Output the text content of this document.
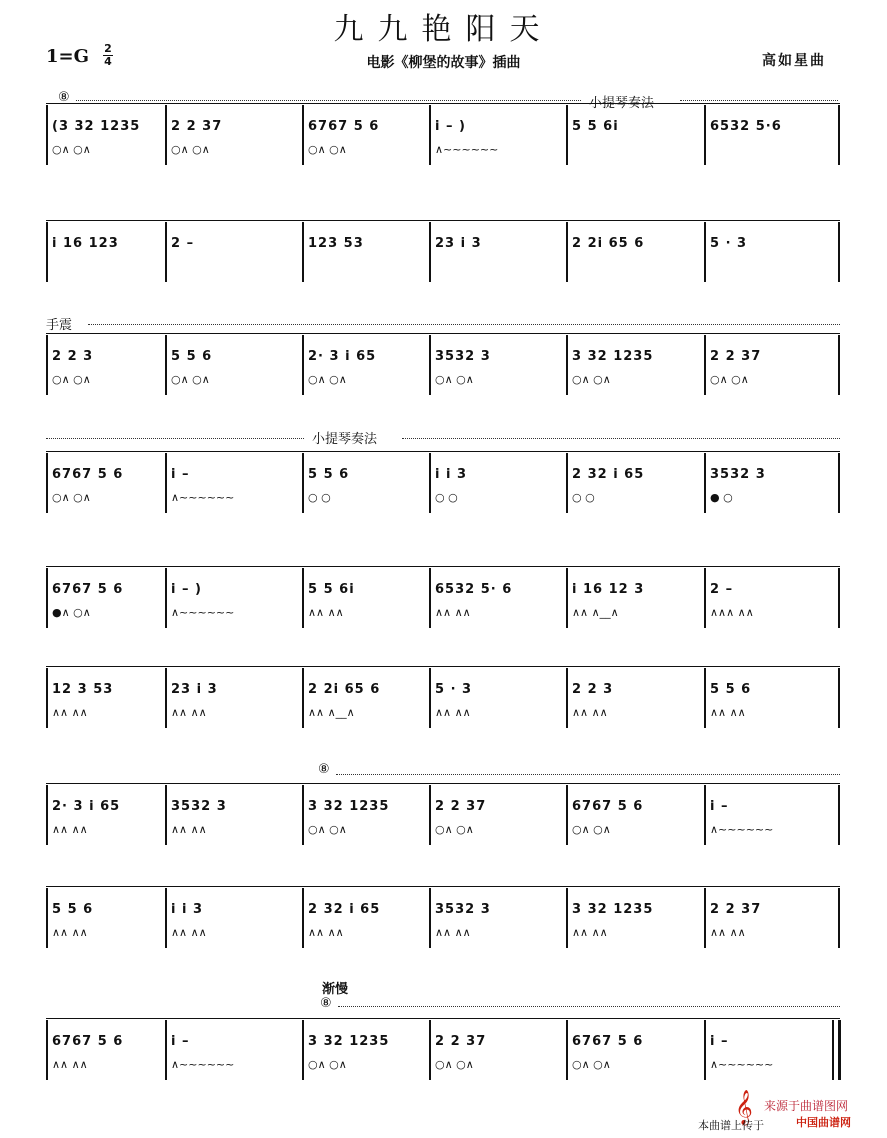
九九艳阳天
1=G 2
4	电影《柳堡的故事》插曲	高如星曲
⑧	小提琴奏法
手震
小提琴奏法
⑧
渐慢
⑧
(3 32 1235
○∧ ○∧
2 2 37
○∧ ○∧
6767 5 6
○∧ ○∧
i – )
∧~~~~~~
5 5 6i	6532 5·6
i 16 123	2 –	123 53	23 i 3	2 2i 65 6	5 · 3
2 2 3
○∧ ○∧
5 5 6
○∧ ○∧
2· 3 i 65
○∧ ○∧
3532 3
○∧ ○∧
3 32 1235
○∧ ○∧
2 2 37
○∧ ○∧
6767 5 6
○∧ ○∧
i –
∧~~~~~~
5 5 6
○ ○
i i 3
○ ○
2 32 i 65
○ ○
3532 3
● ○
6767 5 6
●∧ ○∧
i – )
∧~~~~~~
5 5 6i
∧∧ ∧∧
6532 5· 6
∧∧ ∧∧
i 16 12 3
∧∧ ∧__∧
2 –
∧∧∧ ∧∧
12 3 53
∧∧ ∧∧
23 i 3
∧∧ ∧∧
2 2i 65 6
∧∧ ∧__∧
5 · 3
∧∧ ∧∧
2 2 3
∧∧ ∧∧
5 5 6
∧∧ ∧∧
2· 3 i 65
∧∧ ∧∧
3532 3
∧∧ ∧∧
3 32 1235
○∧ ○∧
2 2 37
○∧ ○∧
6767 5 6
○∧ ○∧
i –
∧~~~~~~
5 5 6
∧∧ ∧∧
i i 3
∧∧ ∧∧
2 32 i 65
∧∧ ∧∧
3532 3
∧∧ ∧∧
3 32 1235
∧∧ ∧∧
2 2 37
∧∧ ∧∧
6767 5 6
∧∧ ∧∧
i –
∧~~~~~~
3 32 1235
○∧ ○∧
2 2 37
○∧ ○∧
6767 5 6
○∧ ○∧
i –
∧~~~~~~
𝄞 来源于曲谱图网
本曲谱上传于	中国曲谱网
